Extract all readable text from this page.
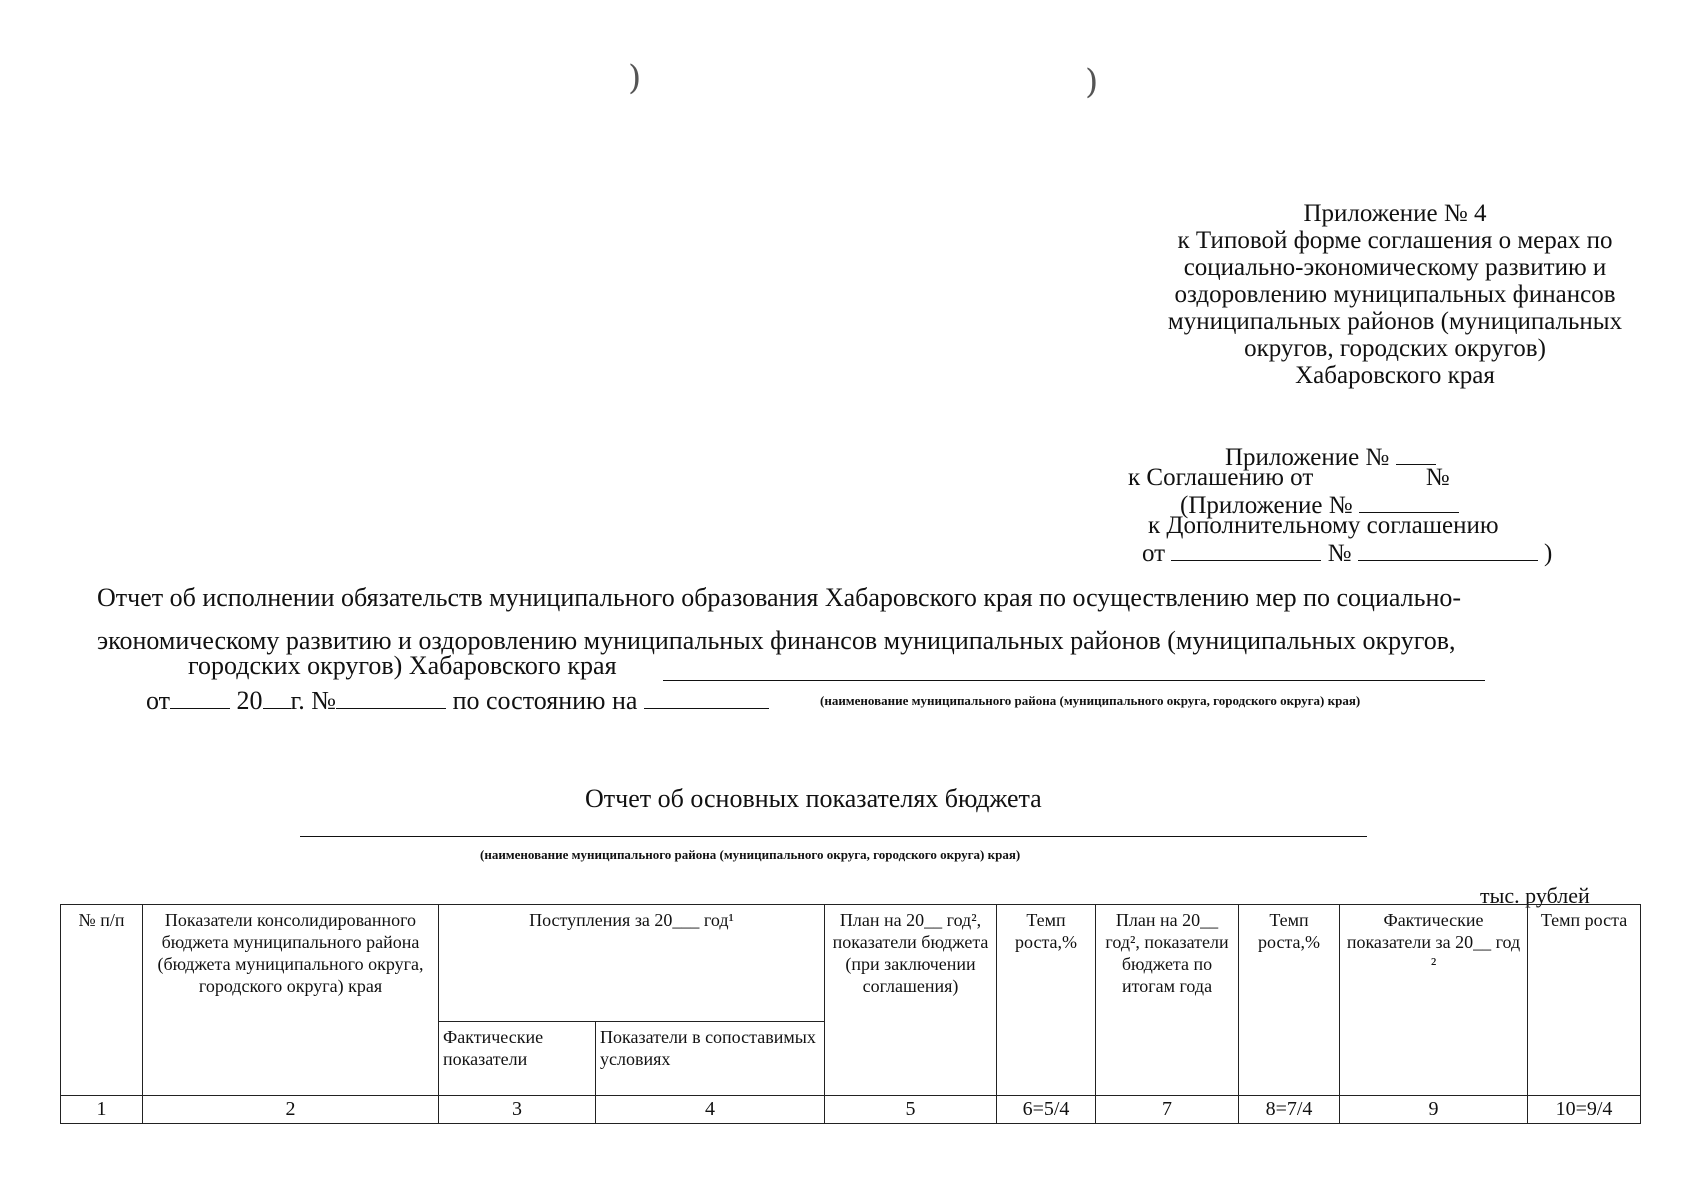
)	)
Приложение № 4
к Типовой форме соглашения о мерах по
социально-экономическому развитию и
оздоровлению муниципальных финансов
муниципальных районов (муниципальных
округов, городских округов)
Хабаровского края
Приложение №
к Соглашению от	№
(Приложение №
к Дополнительному соглашению
от	№	)
Отчет об исполнении обязательств муниципального образования Хабаровского края по осуществлению мер по социально-
экономическому развитию и оздоровлению муниципальных финансов муниципальных районов (муниципальных округов,
городских округов) Хабаровского края
от	20 г. №	по состоянию на	(наименование муниципального района (муниципального округа, городского округа) края)
Отчет об основных показателях бюджета
(наименование муниципального района (муниципального округа, городского округа) края)
тыс. рублей
№ п/п	Показатели консолидированного бюджета муниципального района (бюджета муниципального округа, городского округа) края	Поступления за 20___ год¹		План на 20__ год², показатели бюджета (при заключении соглашения)	Темп роста,%	План на 20__ год², показатели бюджета по итогам года	Темп роста,%	Фактические показатели за 20__ год ²	Темп роста
		Фактические показатели	Показатели в сопоставимых условиях						
1	2	3	4	5	6=5/4	7	8=7/4	9	10=9/4
